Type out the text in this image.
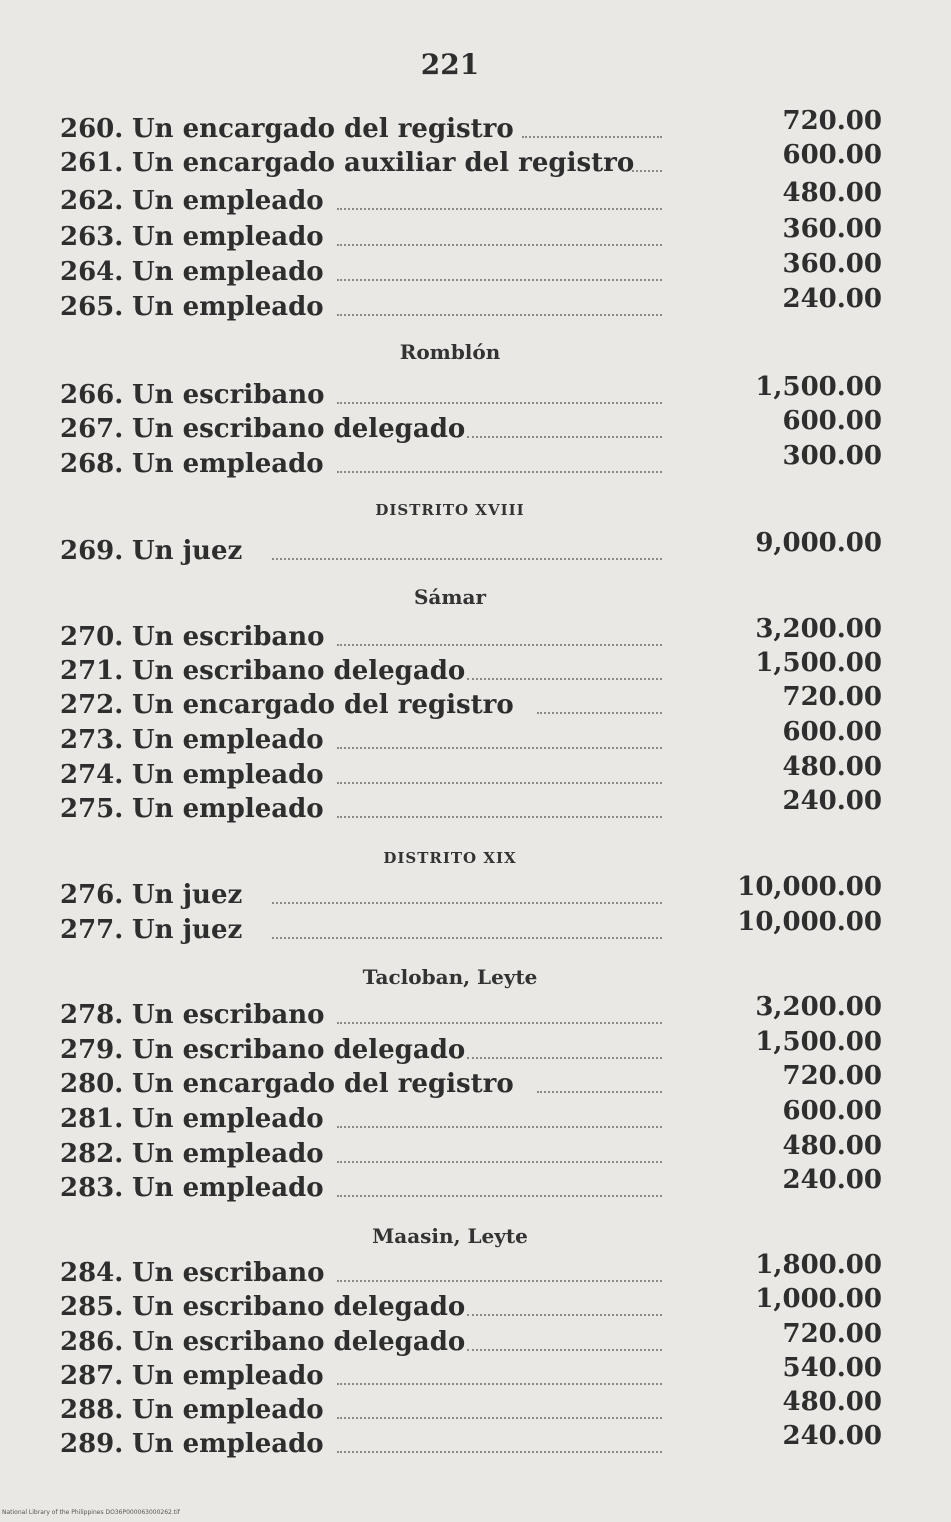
221
260. Un encargado del registro	720.00
261. Un encargado auxiliar del registro	600.00
262. Un empleado	480.00
263. Un empleado	360.00
264. Un empleado	360.00
265. Un empleado	240.00
Romblón
266. Un escribano	1,500.00
267. Un escribano delegado	600.00
268. Un empleado	300.00
DISTRITO XVIII
269. Un juez	9,000.00
Sámar
270. Un escribano	3,200.00
271. Un escribano delegado	1,500.00
272. Un encargado del registro	720.00
273. Un empleado	600.00
274. Un empleado	480.00
275. Un empleado	240.00
DISTRITO XIX
276. Un juez	10,000.00
277. Un juez	10,000.00
Tacloban, Leyte
278. Un escribano	3,200.00
279. Un escribano delegado	1,500.00
280. Un encargado del registro	720.00
281. Un empleado	600.00
282. Un empleado	480.00
283. Un empleado	240.00
Maasin, Leyte
284. Un escribano	1,800.00
285. Un escribano delegado	1,000.00
286. Un escribano delegado	720.00
287. Un empleado	540.00
288. Un empleado	480.00
289. Un empleado	240.00
National Library of the Philippines DO36P000063000262.tif
